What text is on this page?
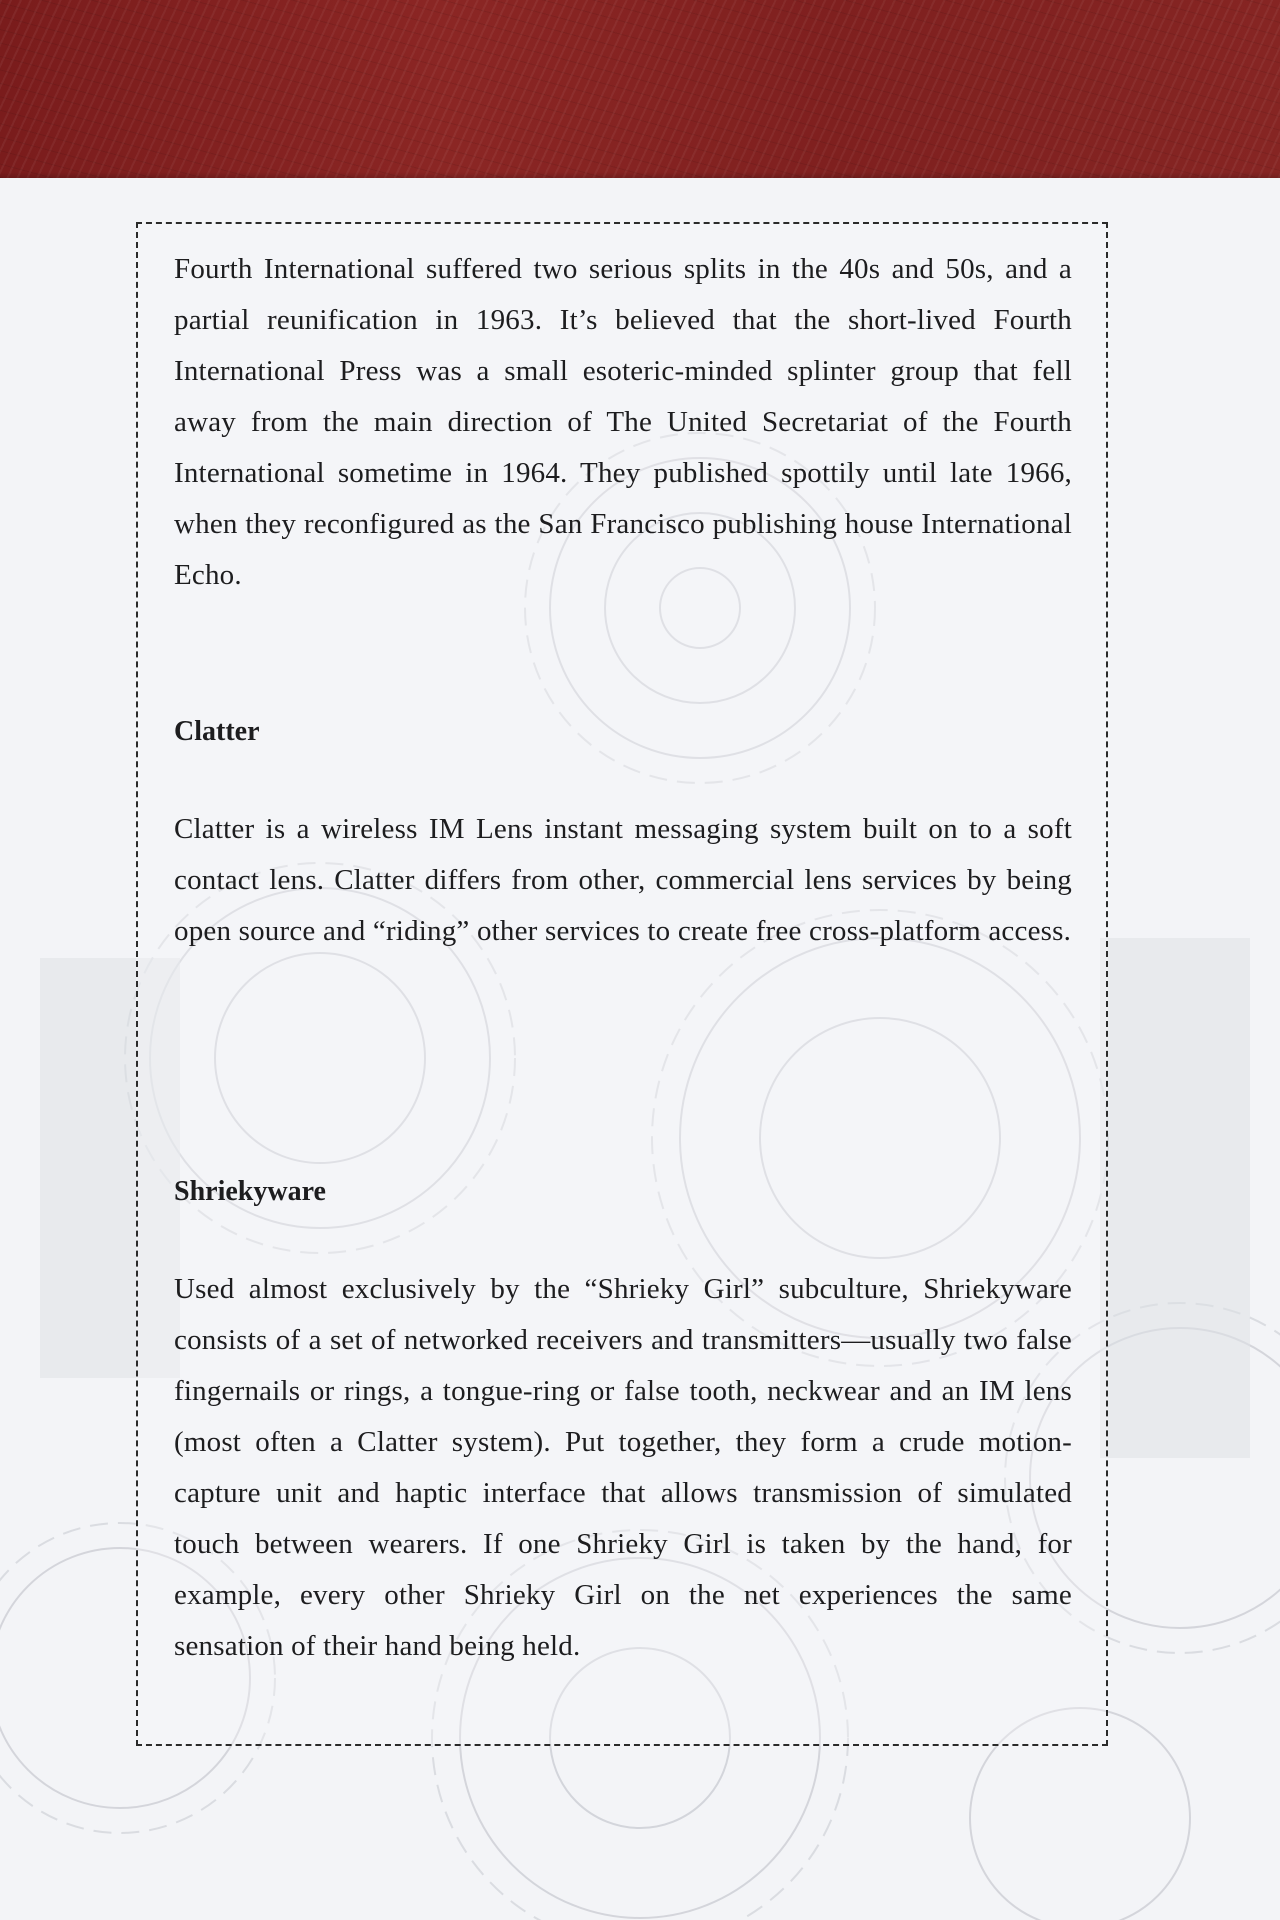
Fourth International suffered two serious splits in the 40s and 50s, and a partial reunification in 1963. It’s believed that the short-lived Fourth International Press was a small esoteric-minded splinter group that fell away from the main direction of The United Secretariat of the Fourth International sometime in 1964. They published spottily until late 1966, when they reconfigured as the San Francisco publishing house International Echo.

Clatter

Clatter is a wireless IM Lens instant messaging system built on to a soft contact lens. Clatter differs from other, commercial lens services by being open source and “riding” other services to create free cross-platform access.

Shriekyware

Used almost exclusively by the “Shrieky Girl” subculture, Shriekyware consists of a set of networked receivers and transmitters—usually two false fingernails or rings, a tongue-ring or false tooth, neckwear and an IM lens (most often a Clatter system). Put together, they form a crude motion-capture unit and haptic interface that allows transmission of simulated touch between wearers. If one Shrieky Girl is taken by the hand, for example, every other Shrieky Girl on the net experiences the same sensation of their hand being held.
